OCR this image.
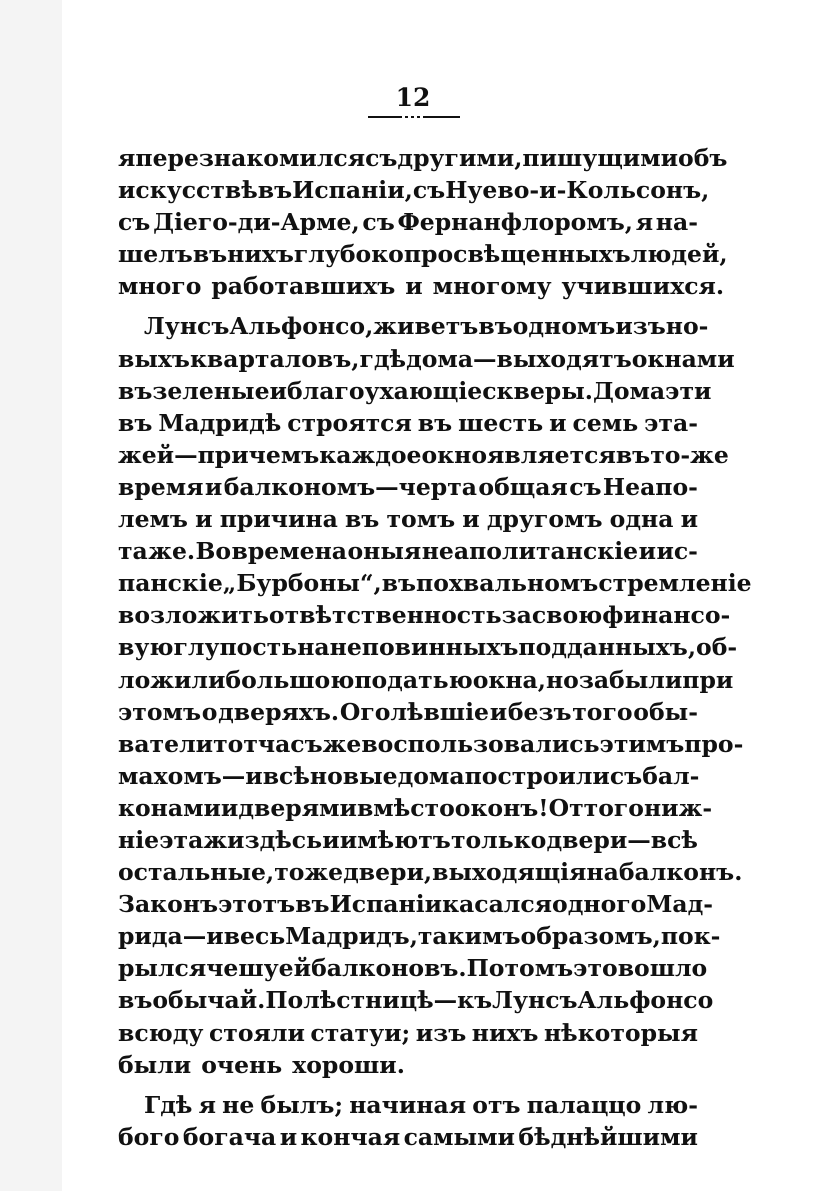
12
я перезнакомился съ другими, пишущими объ
искусствѣ въ Испанiи, съ Нуево-и-Кольсонъ,
съ Дiего-ди-Арме, съ Фернанфлоромъ, я на-
шелъ въ нихъ глубоко просвѣщенныхъ людей,
много работавшихъ и многому учившихся.
Лунсъ Альфонсо, живетъ въ одномъ изъ но-
выхъ кварталовъ, гдѣ дома—выходятъ окнами
въ зеленые и благоухающiе скверы. Дома эти
въ Мадридѣ строятся въ шесть и семь эта-
жей—причемъ каждое окно является въ то-же
время и балкономъ—черта общая съ Неапо-
лемъ и причина въ томъ и другомъ одна и
та же. Во времена оныя неаполитанскiе и ис-
панскiе „Бурбоны“, въ похвальномъ стремленiе
возложить отвѣтственность за свою финансо-
вую глупость на неповинныхъ подданныхъ, об-
ложили большою податью окна, но забыли при
этомъ о дверяхъ. Оголѣвшiе и безъ того обы-
ватели тотчасъ же воспользовались этимъ про-
махомъ—и всѣ новые дома построили съ бал-
конами и дверями вмѣсто оконъ! Оттого ниж-
нiе этажи здѣсь и имѣютъ только двери—всѣ
остальные, тоже двери, выходящiя на балконъ.
Законъ этотъ въ Испанiи касался одного Мад-
рида—и весь Мадридъ, такимъ образомъ, пок-
рылся чешуей балконовъ. Потомъ это вошло
въ обычай. По лѣстницѣ—къ Лунсъ Альфонсо
всюду стояли статуи; изъ нихъ нѣкоторыя
были очень хороши.
Гдѣ я не былъ; начиная отъ палаццо лю-
бого богача и кончая самыми бѣднѣйшими
